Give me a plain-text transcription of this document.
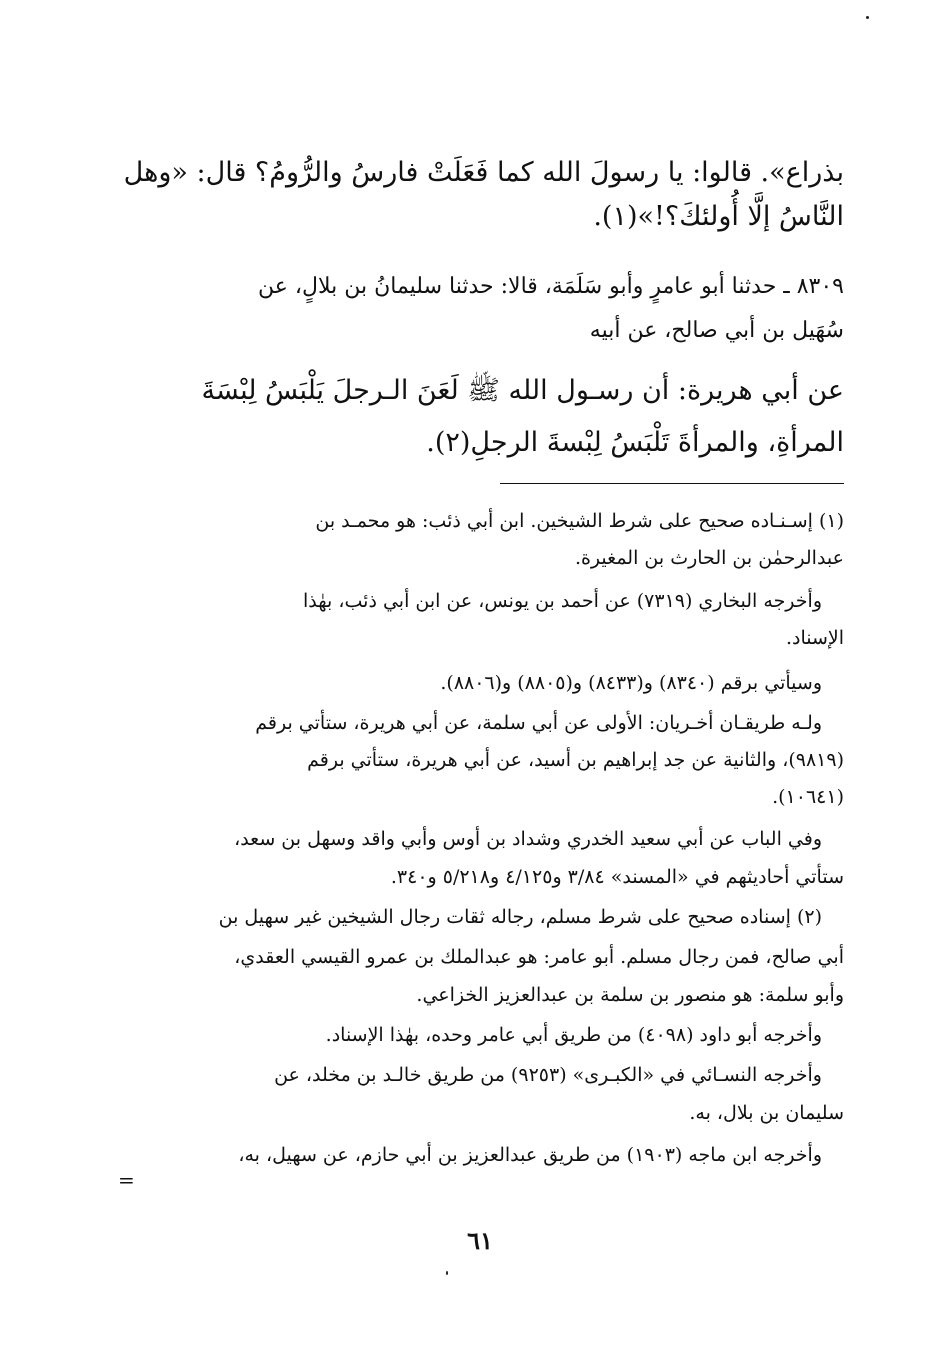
بذراع». قالوا: يا رسولَ الله كما فَعَلَتْ فارسُ والرُّومُ؟ قال: «وهل
النَّاسُ إلَّا أُولئكَ؟!»(١).
٨٣٠٩ ـ حدثنا أبو عامرٍ وأبو سَلَمَة، قالا: حدثنا سليمانُ بن بلالٍ، عن
سُهَيل بن أبي صالح، عن أبيه
عن أبي هريرة: أن رسـول الله ﷺ لَعَنَ الـرجلَ يَلْبَسُ لِبْسَةَ
المرأةِ، والمرأةَ تَلْبَسُ لِبْسةَ الرجلِ(٢).
(١) إسـنـاده صحيح على شرط الشيخين. ابن أبي ذئب: هو محمـد بن
عبدالرحمٰن بن الحارث بن المغيرة.
وأخرجه البخاري (٧٣١٩) عن أحمد بن يونس، عن ابن أبي ذئب، بهٰذا
الإسناد.
وسيأتي برقم (٨٣٤٠) و(٨٤٣٣) و(٨٨٠٥) و(٨٨٠٦).
ولـه طريقـان أخـريان: الأولى عن أبي سلمة، عن أبي هريرة، ستأتي برقم
(٩٨١٩)، والثانية عن جد إبراهيم بن أسيد، عن أبي هريرة، ستأتي برقم
(١٠٦٤١).
وفي الباب عن أبي سعيد الخدري وشداد بن أوس وأبي واقد وسهل بن سعد،
ستأتي أحاديثهم في «المسند» ٣/٨٤ و٤/١٢٥ و٥/٢١٨ و٣٤٠.
(٢) إسناده صحيح على شرط مسلم، رجاله ثقات رجال الشيخين غير سهيل بن
أبي صالح، فمن رجال مسلم. أبو عامر: هو عبدالملك بن عمرو القيسي العقدي،
وأبو سلمة: هو منصور بن سلمة بن عبدالعزيز الخزاعي.
وأخرجه أبو داود (٤٠٩٨) من طريق أبي عامر وحده، بهٰذا الإسناد.
وأخرجه النسـائي في «الكبـرى» (٩٢٥٣) من طريق خالـد بن مخلد، عن
سليمان بن بلال، به.
وأخرجه ابن ماجه (١٩٠٣) من طريق عبدالعزيز بن أبي حازم، عن سهيل، به،
=
٦١
